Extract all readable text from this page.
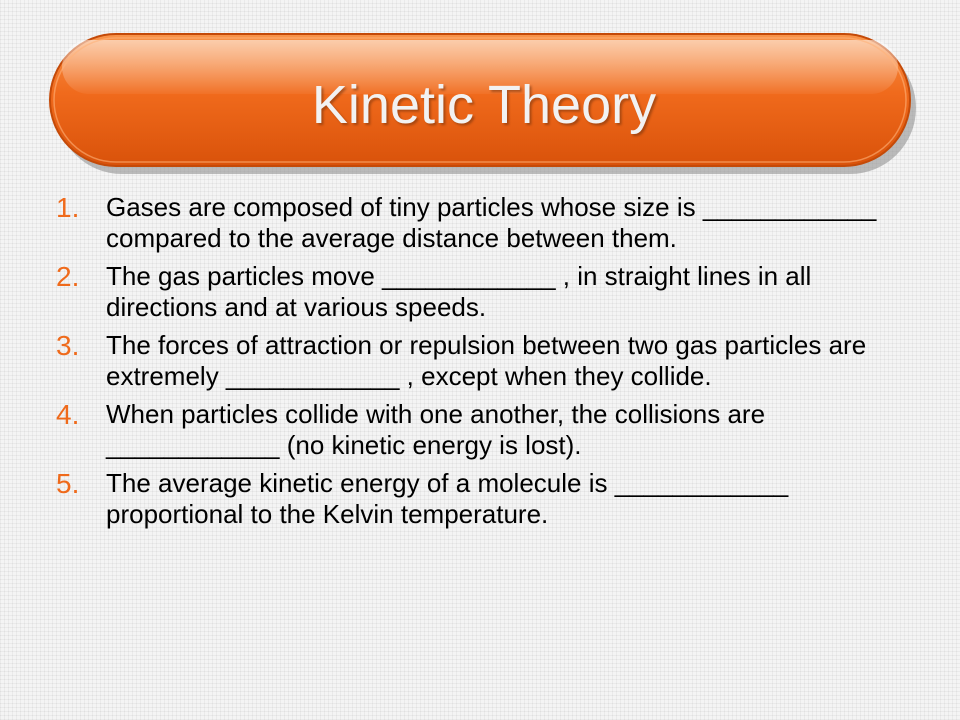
Kinetic Theory
1.	Gases are composed of tiny particles whose size is ____________ compared to the average distance between them.
2.	The gas particles move ____________ , in straight lines in all directions and at various speeds.
3.	The forces of attraction or repulsion between two gas particles are extremely ____________ , except when they collide.
4.	When particles collide with one another, the collisions are ____________ (no kinetic energy is lost).
5.	The average kinetic energy of a molecule is ____________ proportional to the Kelvin temperature.
